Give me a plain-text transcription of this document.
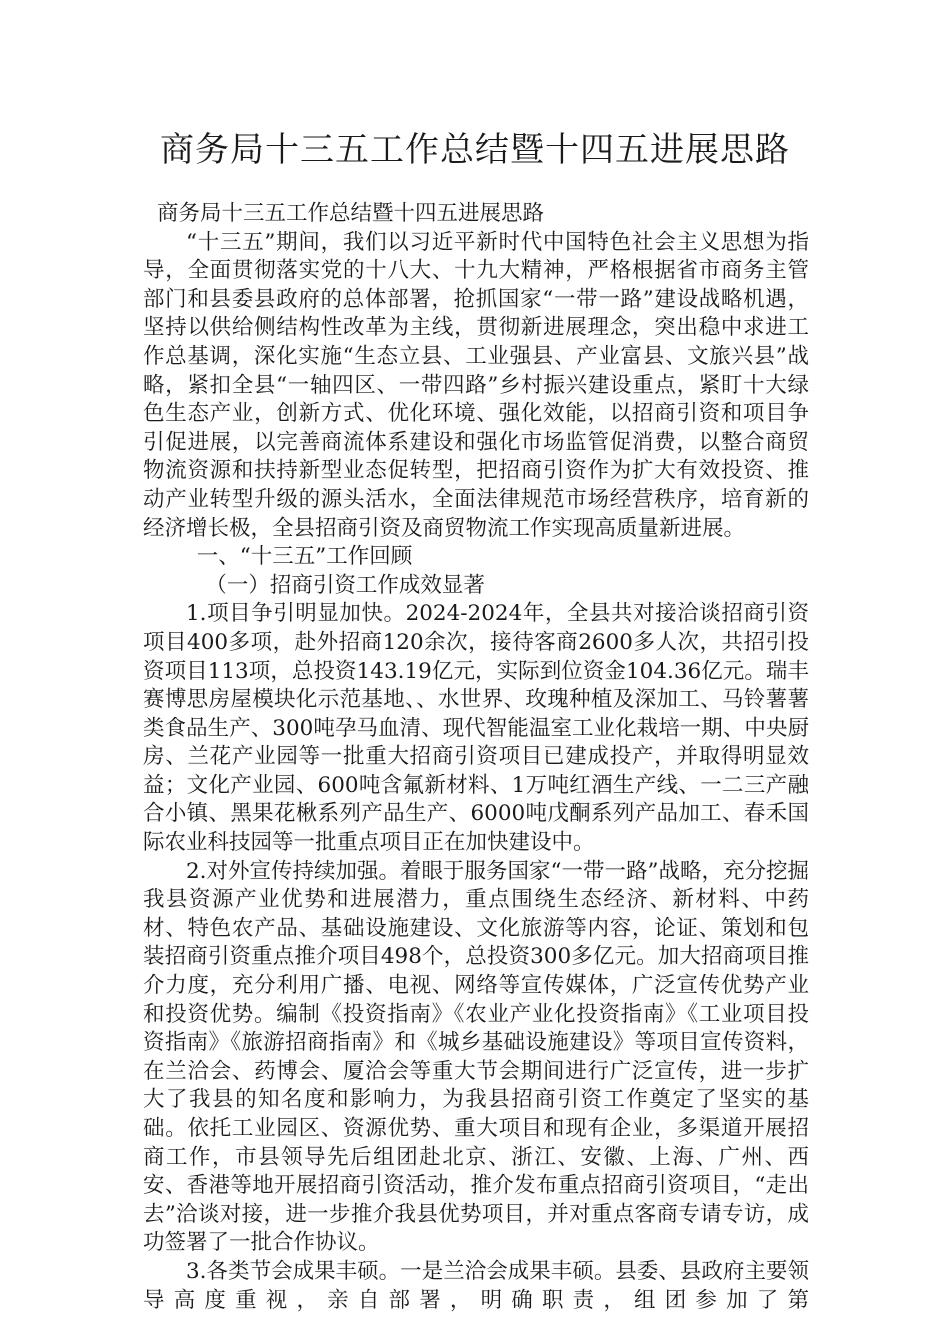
商务局十三五工作总结暨十四五进展思路

商务局十三五工作总结暨十四五进展思路

“十三五”期间，我们以习近平新时代中国特色社会主义思想为指导，全面贯彻落实党的十八大、十九大精神，严格根据省市商务主管部门和县委县政府的总体部署，抢抓国家“一带一路”建设战略机遇，坚持以供给侧结构性改革为主线，贯彻新进展理念，突出稳中求进工作总基调，深化实施“生态立县、工业强县、产业富县、文旅兴县”战略，紧扣全县“一轴四区、一带四路”乡村振兴建设重点，紧盯十大绿色生态产业，创新方式、优化环境、强化效能，以招商引资和项目争引促进展，以完善商流体系建设和强化市场监管促消费，以整合商贸物流资源和扶持新型业态促转型，把招商引资作为扩大有效投资、推动产业转型升级的源头活水，全面法律规范市场经营秩序，培育新的经济增长极，全县招商引资及商贸物流工作实现高质量新进展。

一、“十三五”工作回顾

（一）招商引资工作成效显著

1.项目争引明显加快。2024-2024年，全县共对接洽谈招商引资项目400多项，赴外招商120余次，接待客商2600多人次，共招引投资项目113项，总投资143.19亿元，实际到位资金104.36亿元。瑞丰赛博思房屋模块化示范基地、、水世界、玫瑰种植及深加工、马铃薯薯类食品生产、300吨孕马血清、现代智能温室工业化栽培一期、中央厨房、兰花产业园等一批重大招商引资项目已建成投产，并取得明显效益；文化产业园、600吨含氟新材料、1万吨红酒生产线、一二三产融合小镇、黑果花楸系列产品生产、6000吨戊酮系列产品加工、春禾国际农业科技园等一批重点项目正在加快建设中。

2.对外宣传持续加强。着眼于服务国家“一带一路”战略，充分挖掘我县资源产业优势和进展潜力，重点围绕生态经济、新材料、中药材、特色农产品、基础设施建设、文化旅游等内容，论证、策划和包装招商引资重点推介项目498个，总投资300多亿元。加大招商项目推介力度，充分利用广播、电视、网络等宣传媒体，广泛宣传优势产业和投资优势。编制《投资指南》《农业产业化投资指南》《工业项目投资指南》《旅游招商指南》和《城乡基础设施建设》等项目宣传资料，在兰洽会、药博会、厦洽会等重大节会期间进行广泛宣传，进一步扩大了我县的知名度和影响力，为我县招商引资工作奠定了坚实的基础。依托工业园区、资源优势、重大项目和现有企业，多渠道开展招商工作，市县领导先后组团赴北京、浙江、安徽、上海、广州、西安、香港等地开展招商引资活动，推介发布重点招商引资项目，“走出去”洽谈对接，进一步推介我县优势项目，并对重点客商专请专访，成功签署了一批合作协议。

3.各类节会成果丰硕。一是兰洽会成果丰硕。县委、县政府主要领导高度重视，亲自部署，明确职责，组团参加了第
